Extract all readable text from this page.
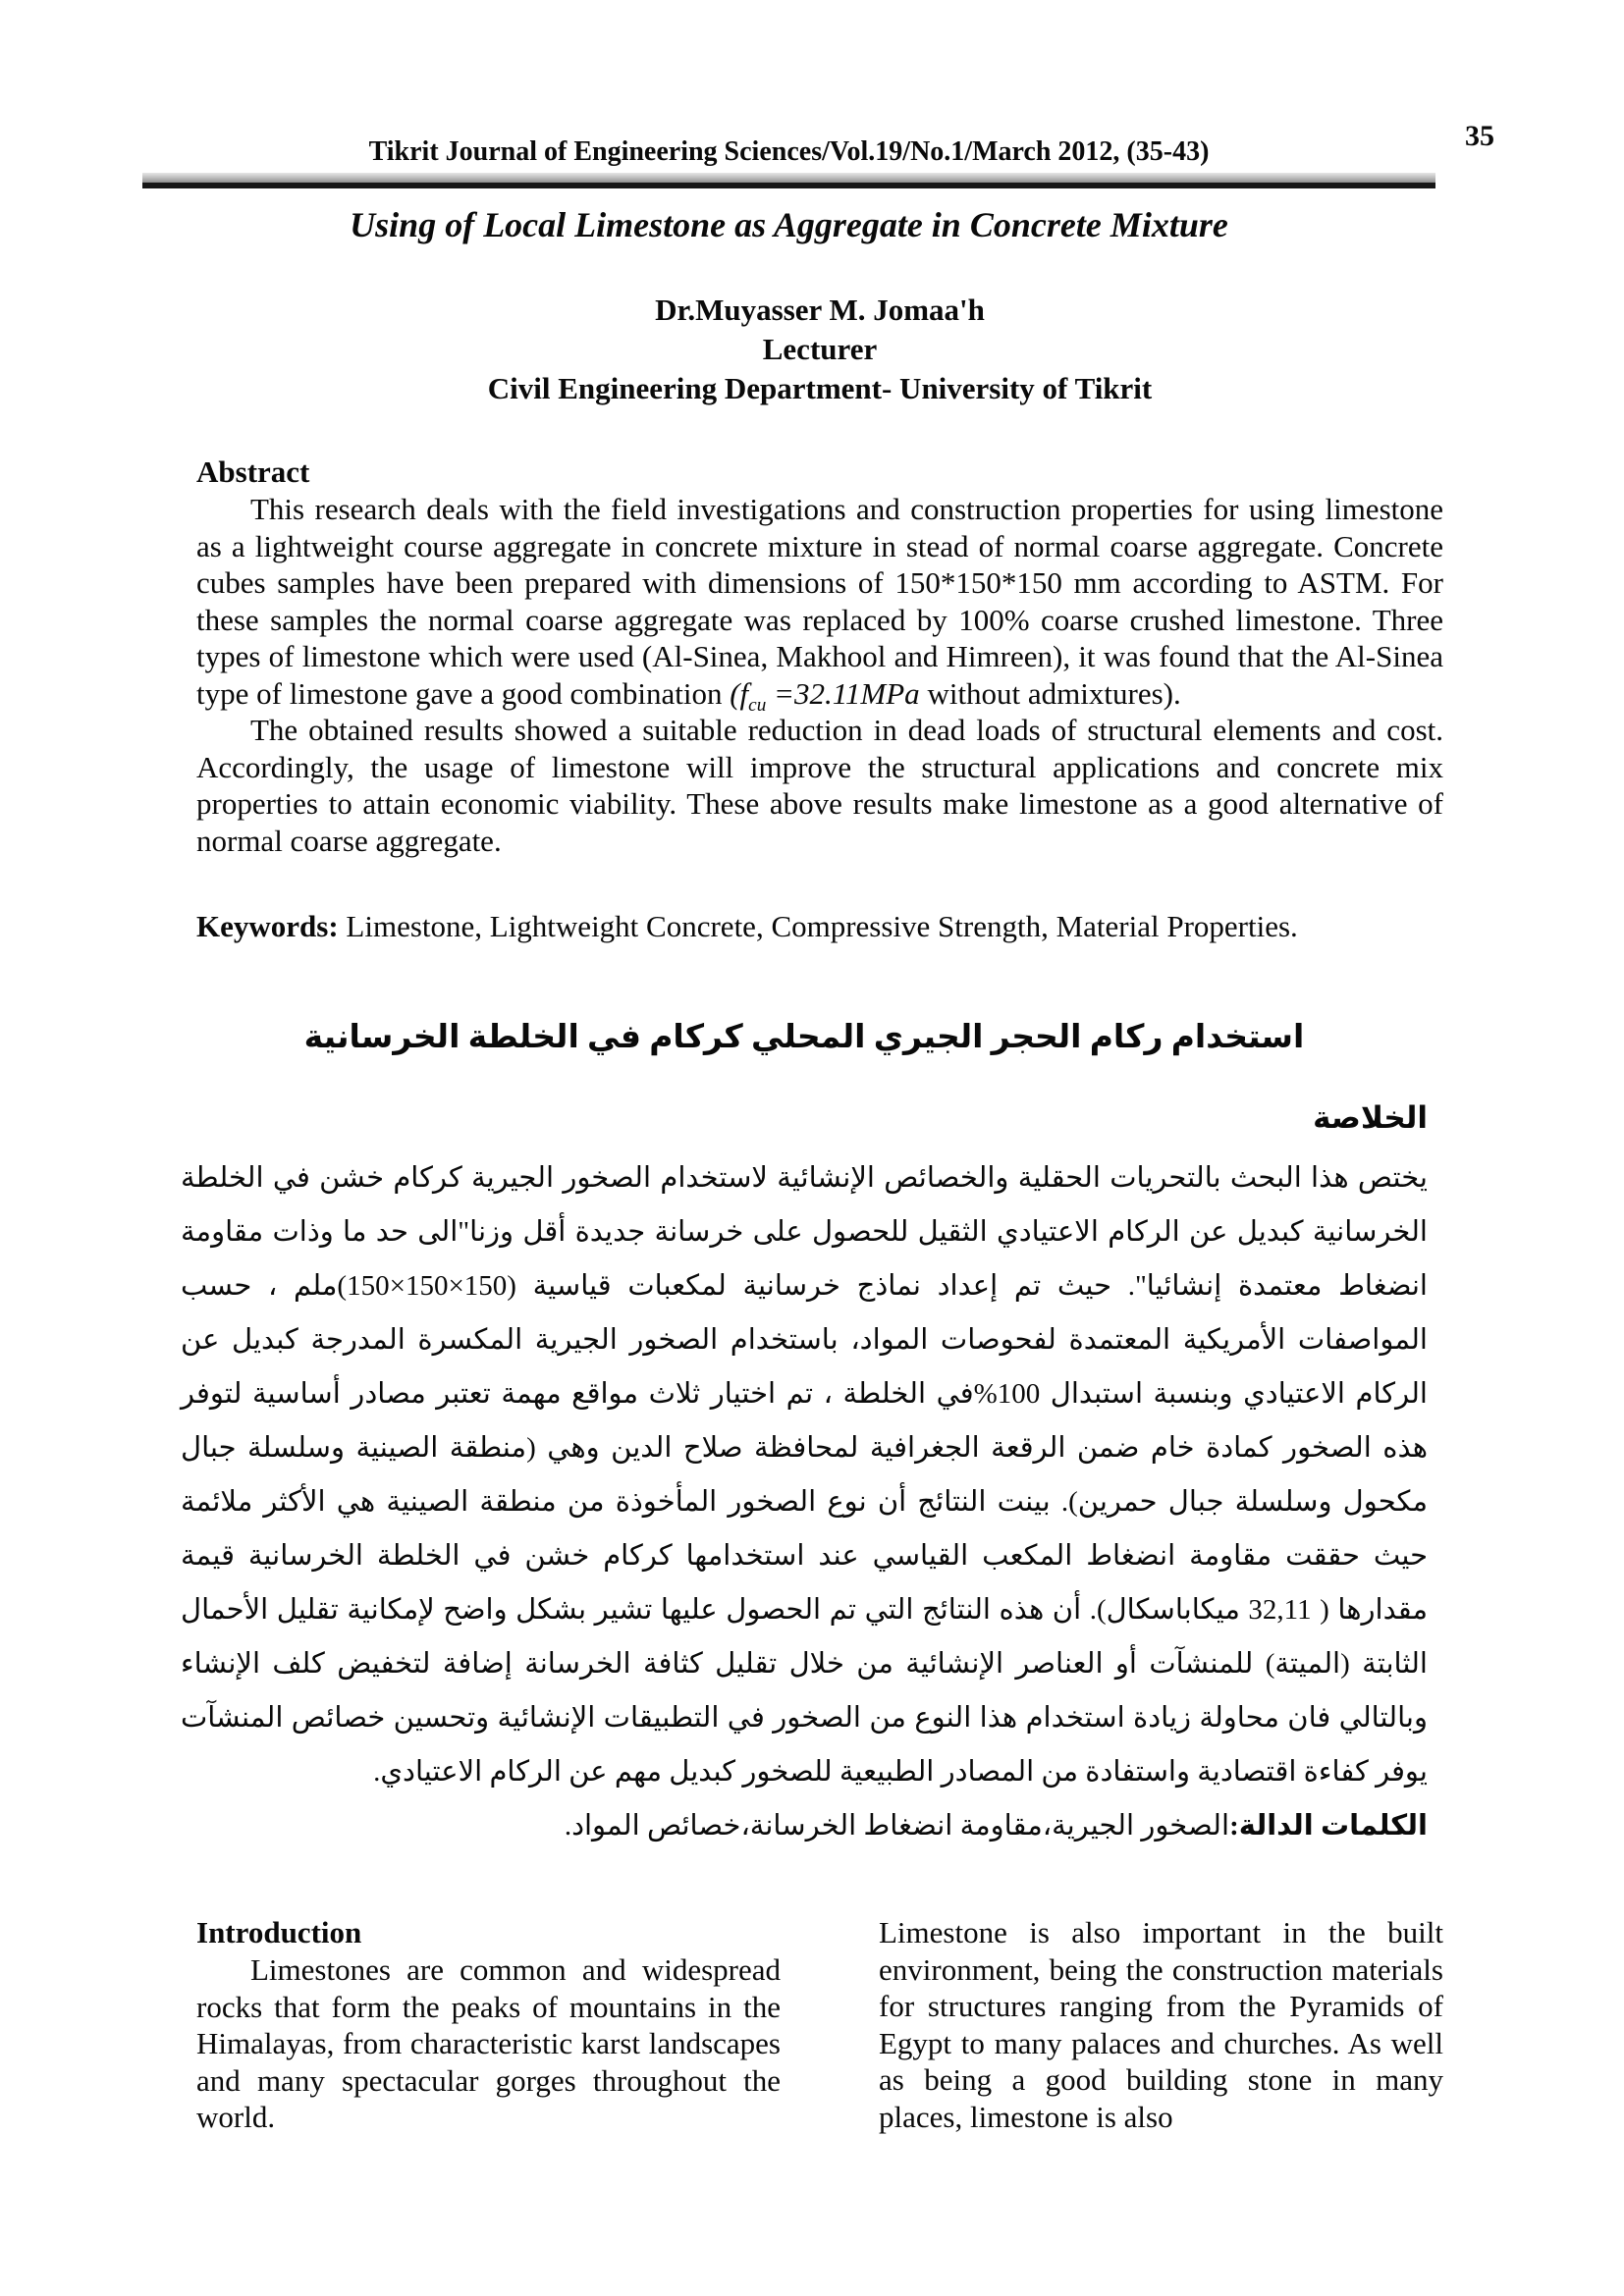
35
Tikrit Journal of Engineering Sciences/Vol.19/No.1/March 2012, (35-43)
Using of Local Limestone as Aggregate in Concrete Mixture
Dr.Muyasser M. Jomaa'h
Lecturer
Civil Engineering Department- University of Tikrit
Abstract

This research deals with the field investigations and construction properties for using limestone as a lightweight course aggregate in concrete mixture in stead of normal coarse aggregate. Concrete cubes samples have been prepared with dimensions of 150*150*150 mm according to ASTM. For these samples the normal coarse aggregate was replaced by 100% coarse crushed limestone. Three types of limestone which were used (Al-Sinea, Makhool and Himreen), it was found that the Al-Sinea type of limestone gave a good combination ($f_{cu} =32.11MPa$ without admixtures).

The obtained results showed a suitable reduction in dead loads of structural elements and cost. Accordingly, the usage of limestone will improve the structural applications and concrete mix properties to attain economic viability. These above results make limestone as a good alternative of normal coarse aggregate.

Keywords: Limestone, Lightweight Concrete, Compressive Strength, Material Properties.
استخدام ركام الحجر الجيري المحلي كركام في الخلطة الخرسانية
الخلاصة

يختص هذا البحث بالتحريات الحقلية والخصائص الإنشائية لاستخدام الصخور الجيرية كركام خشن في الخلطة الخرسانية كبديل عن الركام الاعتيادي الثقيل للحصول على خرسانة جديدة أقل وزنا"الى حد ما وذات مقاومة انضغاط معتمدة إنشائيا". حيث تم إعداد نماذج خرسانية لمكعبات قياسية (150×150×150)ملم ، حسب المواصفات الأمريكية المعتمدة لفحوصات المواد، باستخدام الصخور الجيرية المكسرة المدرجة كبديل عن الركام الاعتيادي وبنسبة استبدال 100%في الخلطة ، تم اختيار ثلاث مواقع مهمة تعتبر مصادر أساسية لتوفر هذه الصخور كمادة خام ضمن الرقعة الجغرافية لمحافظة صلاح الدين وهي (منطقة الصينية وسلسلة جبال مكحول وسلسلة جبال حمرين). بينت النتائج أن نوع الصخور المأخوذة من منطقة الصينية هي الأكثر ملائمة حيث حققت مقاومة انضغاط المكعب القياسي عند استخدامها كركام خشن في الخلطة الخرسانية قيمة مقدارها ( 32,11 ميكاباسكال). أن هذه النتائج التي تم الحصول عليها تشير بشكل واضح لإمكانية تقليل الأحمال الثابتة (الميتة) للمنشآت أو العناصر الإنشائية من خلال تقليل كثافة الخرسانة إضافة لتخفيض كلف الإنشاء وبالتالي فان محاولة زيادة استخدام هذا النوع من الصخور في التطبيقات الإنشائية وتحسين خصائص المنشآت يوفر كفاءة اقتصادية واستفادة من المصادر الطبيعية للصخور كبديل مهم عن الركام الاعتيادي.

الكلمات الدالة:الصخور الجيرية،مقاومة انضغاط الخرسانة،خصائص المواد.
Introduction

Limestones are common and widespread rocks that form the peaks of mountains in the Himalayas, from characteristic karst landscapes and many spectacular gorges throughout the world.

Limestone is also important in the built environment, being the construction materials for structures ranging from the Pyramids of Egypt to many palaces and churches. As well as being a good building stone in many places, limestone is also
